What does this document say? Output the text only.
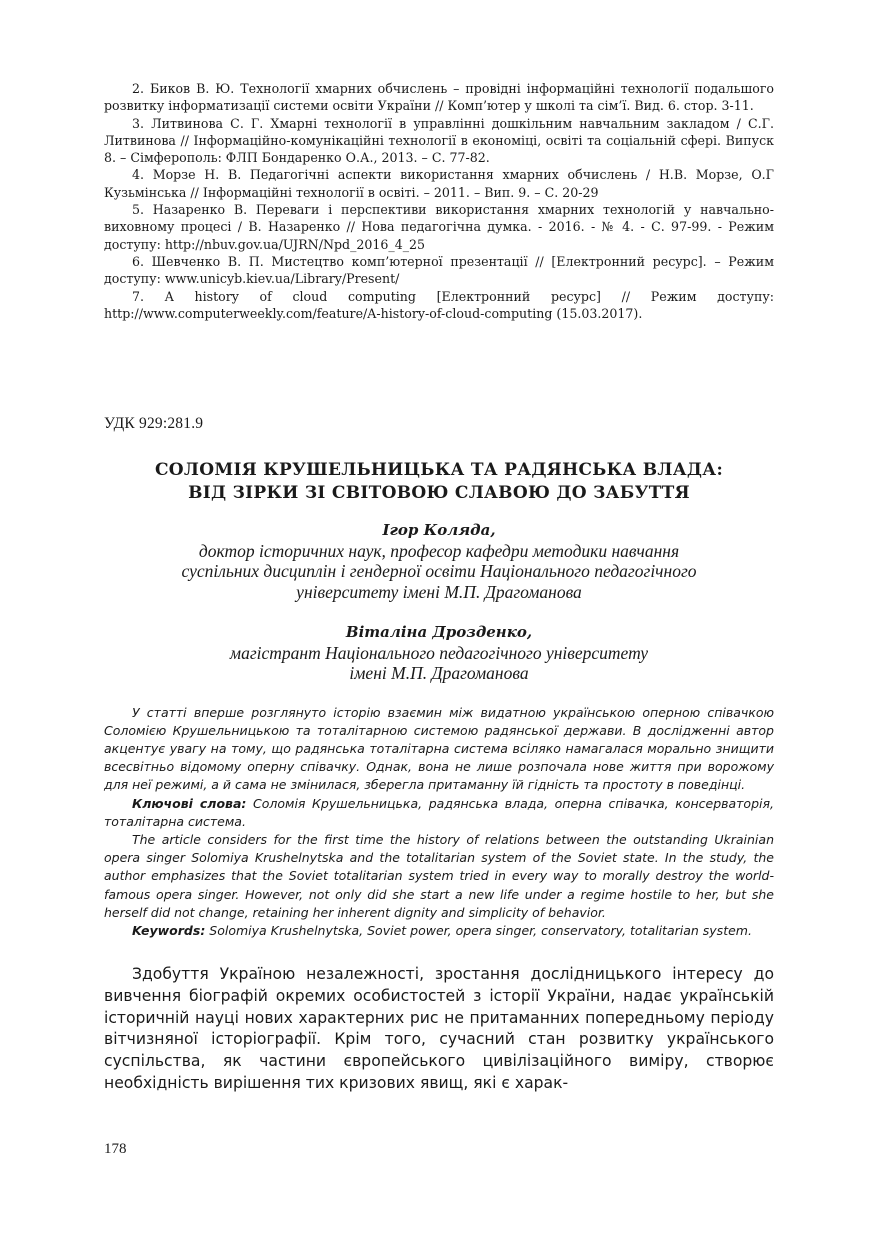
2. Биков В. Ю. Технології хмарних обчислень – провідні інформаційні технології подальшого розвитку інформатизації системи освіти України // Комп’ютер у школі та сім’ї. Вид. 6. стор. 3-11.

3. Литвинова С. Г. Хмарні технології в управлінні дошкільним навчальним закладом / С.Г. Литвинова // Інформаційно-комунікаційні технології в економіці, освіті та соціальній сфері. Випуск 8. – Сімферополь: ФЛП Бондаренко О.А., 2013. – С. 77-82.

4. Морзе Н. В. Педагогічні аспекти використання хмарних обчислень / Н.В. Морзе, О.Г Кузьмінська // Інформаційні технології в освіті. – 2011. – Вип. 9. – С. 20-29

5. Назаренко В. Переваги і перспективи використання хмарних технологій у навчально-виховному процесі / В. Назаренко // Нова педагогічна думка. - 2016. - № 4. - С. 97-99. - Режим доступу: http://nbuv.gov.ua/UJRN/Npd_2016_4_25

6. Шевченко В. П. Мистецтво комп’ютерної презентації // [Електронний ресурс]. – Режим доступу: www.unicyb.kiev.ua/Library/Present/

7. A history of cloud computing [Електронний ресурс] // Режим доступу: http://www.computerweekly.com/feature/A-history-of-cloud-computing (15.03.2017).

УДК 929:281.9
СОЛОМІЯ КРУШЕЛЬНИЦЬКА ТА РАДЯНСЬКА ВЛАДА:
ВІД ЗІРКИ ЗІ СВІТОВОЮ СЛАВОЮ ДО ЗАБУТТЯ
Ігор Коляда,
доктор історичних наук, професор кафедри методики навчання
суспільних дисциплін і гендерної освіти Національного педагогічного
університету імені М.П. Драгоманова
Віталіна Дрозденко,
магістрант Національного педагогічного університету
імені М.П. Драгоманова

У статті вперше розглянуто історію взаємин між видатною українською оперною співачкою Соломією Крушельницькою та тоталітарною системою радянської держави. В дослідженні автор акцентує увагу на тому, що радянська тоталітарна система всіляко намагалася морально знищити всесвітньо відомому оперну співачку. Однак, вона не лише розпочала нове життя при ворожому для неї режимі, а й сама не змінилася, зберегла притаманну їй гідність та простоту в поведінці.

Ключові слова: Соломія Крушельницька, радянська влада, оперна співачка, консерваторія, тоталітарна система.

The article considers for the first time the history of relations between the outstanding Ukrainian opera singer Solomiya Krushelnytska and the totalitarian system of the Soviet state. In the study, the author emphasizes that the Soviet totalitarian system tried in every way to morally destroy the world-famous opera singer. However, not only did she start a new life under a regime hostile to her, but she herself did not change, retaining her inherent dignity and simplicity of behavior.

Keywords: Solomiya Krushelnytska, Soviet power, opera singer, conservatory, totalitarian system.

Здобуття Україною незалежності, зростання дослідницького інтересу до вивчення біографій окремих особистостей з історії України, надає українській історичній науці нових характерних рис не притаманних попередньому періоду вітчизняної історіографії. Крім того, сучасний стан розвитку українського суспільства, як частини європейського цивілізаційного виміру, створює необхідність вирішення тих кризових явищ, які є харак-

178
